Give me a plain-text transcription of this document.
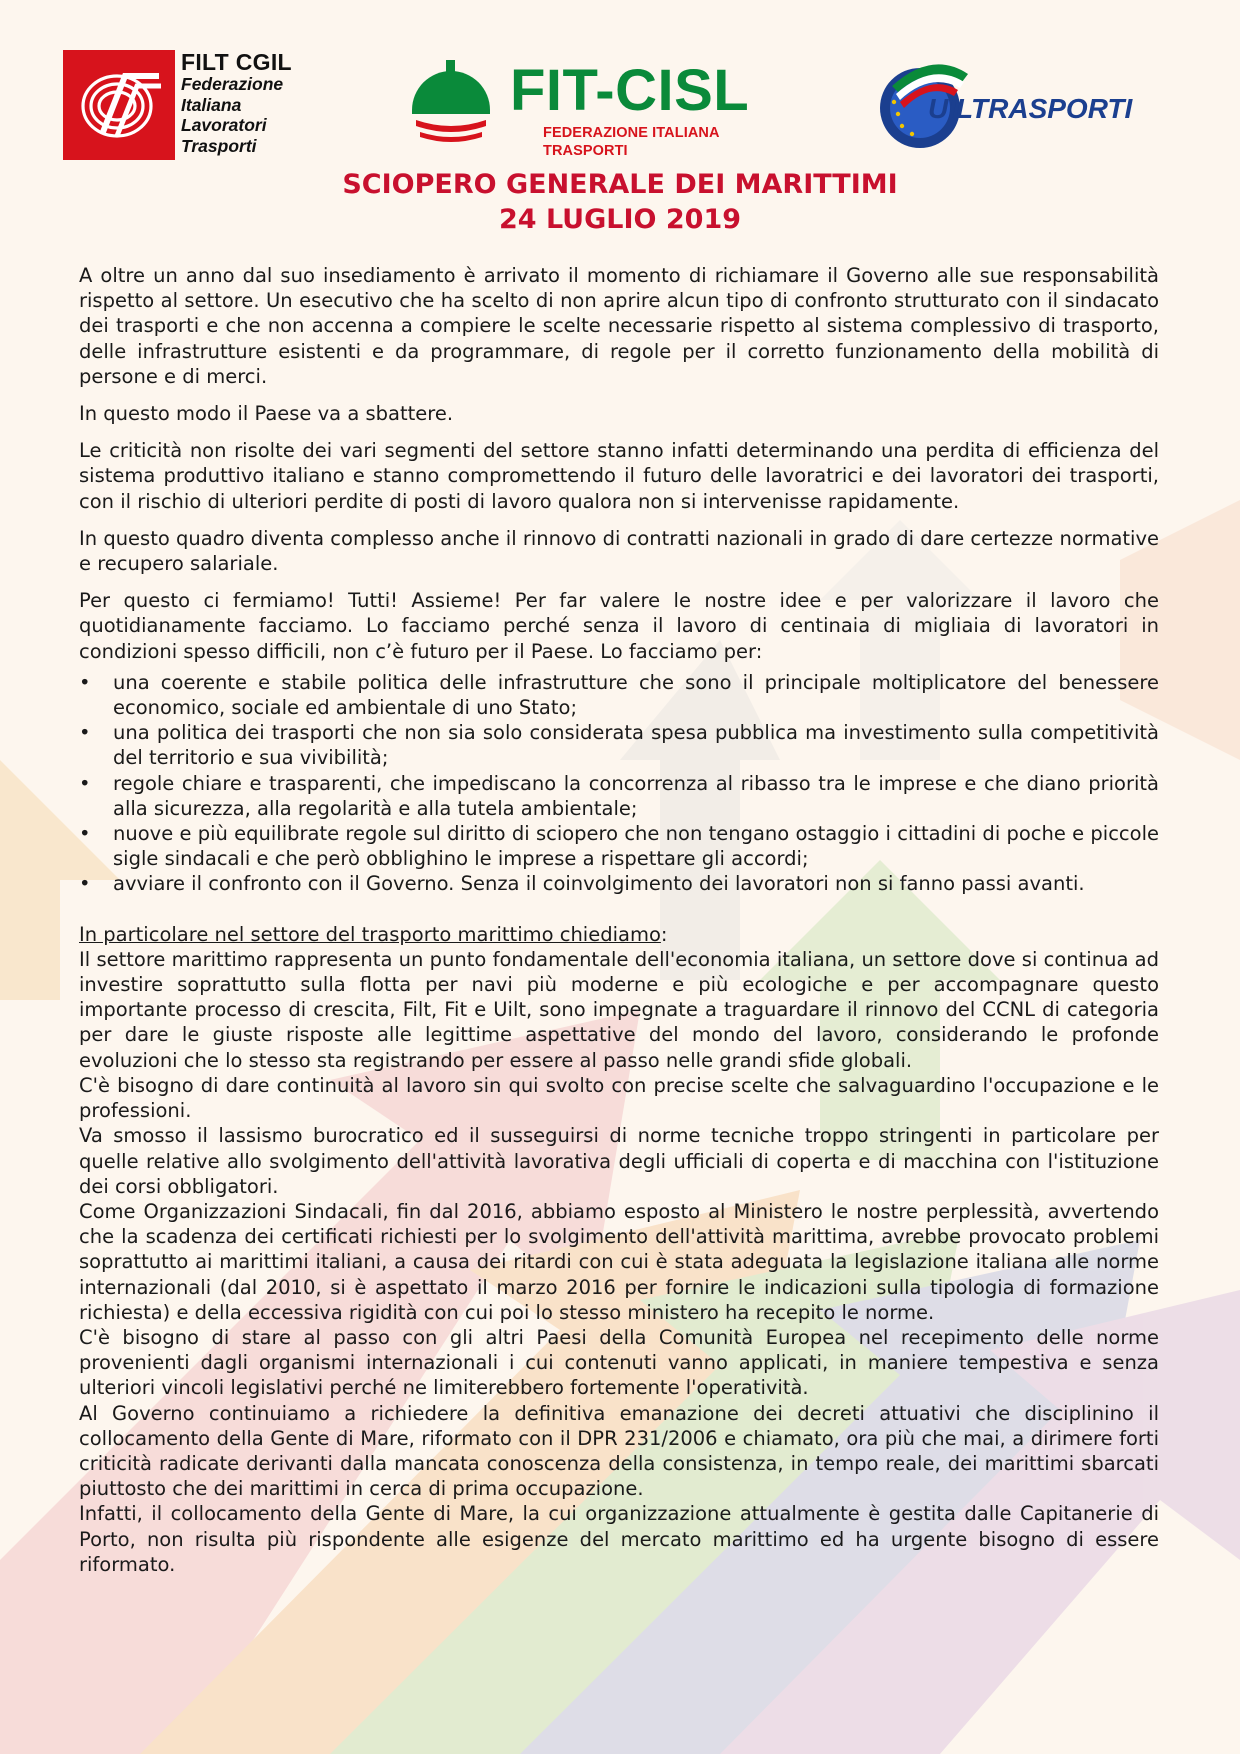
FILT CGIL
Federazione
Italiana
Lavoratori
Trasporti
FIT-CISL
FEDERAZIONE ITALIANA TRASPORTI
UILTRASPORTI
SCIOPERO GENERALE DEI MARITTIMI
24 LUGLIO 2019

A oltre un anno dal suo insediamento è arrivato il momento di richiamare il Governo alle sue responsabilità rispetto al settore. Un esecutivo che ha scelto di non aprire alcun tipo di confronto strutturato con il sindacato dei trasporti e che non accenna a compiere le scelte necessarie rispetto al sistema complessivo di trasporto, delle infrastrutture esistenti e da programmare, di regole per il corretto funzionamento della mobilità di persone e di merci.

In questo modo il Paese va a sbattere.

Le criticità non risolte dei vari segmenti del settore stanno infatti determinando una perdita di efficienza del sistema produttivo italiano e stanno compromettendo il futuro delle lavoratrici e dei lavoratori dei trasporti, con il rischio di ulteriori perdite di posti di lavoro qualora non si intervenisse rapidamente.

In questo quadro diventa complesso anche il rinnovo di contratti nazionali in grado di dare certezze normative e recupero salariale.

Per questo ci fermiamo! Tutti! Assieme! Per far valere le nostre idee e per valorizzare il lavoro che quotidianamente facciamo. Lo facciamo perché senza il lavoro di centinaia di migliaia di lavoratori in condizioni spesso difficili, non c’è futuro per il Paese. Lo facciamo per:

• una coerente e stabile politica delle infrastrutture che sono il principale moltiplicatore del benessere economico, sociale ed ambientale di uno Stato;
• una politica dei trasporti che non sia solo considerata spesa pubblica ma investimento sulla competitività del territorio e sua vivibilità;
• regole chiare e trasparenti, che impediscano la concorrenza al ribasso tra le imprese e che diano priorità alla sicurezza, alla regolarità e alla tutela ambientale;
• nuove e più equilibrate regole sul diritto di sciopero che non tengano ostaggio i cittadini di poche e piccole sigle sindacali e che però obblighino le imprese a rispettare gli accordi;
• avviare il confronto con il Governo. Senza il coinvolgimento dei lavoratori non si fanno passi avanti.

In particolare nel settore del trasporto marittimo chiediamo:

Il settore marittimo rappresenta un punto fondamentale dell'economia italiana, un settore dove si continua ad investire soprattutto sulla flotta per navi più moderne e più ecologiche e per accompagnare questo importante processo di crescita, Filt, Fit e Uilt, sono impegnate a traguardare il rinnovo del CCNL di categoria per dare le giuste risposte alle legittime aspettative del mondo del lavoro, considerando le profonde evoluzioni che lo stesso sta registrando per essere al passo nelle grandi sfide globali.

C'è bisogno di dare continuità al lavoro sin qui svolto con precise scelte che salvaguardino l'occupazione e le professioni.

Va smosso il lassismo burocratico ed il susseguirsi di norme tecniche troppo stringenti in particolare per quelle relative allo svolgimento dell'attività lavorativa degli ufficiali di coperta e di macchina con l'istituzione dei corsi obbligatori.

Come Organizzazioni Sindacali, fin dal 2016, abbiamo esposto al Ministero le nostre perplessità, avvertendo che la scadenza dei certificati richiesti per lo svolgimento dell'attività marittima, avrebbe provocato problemi soprattutto ai marittimi italiani, a causa dei ritardi con cui è stata adeguata la legislazione italiana alle norme internazionali (dal 2010, si è aspettato il marzo 2016 per fornire le indicazioni sulla tipologia di formazione richiesta) e della eccessiva rigidità con cui poi lo stesso ministero ha recepito le norme.

C'è bisogno di stare al passo con gli altri Paesi della Comunità Europea nel recepimento delle norme provenienti dagli organismi internazionali i cui contenuti vanno applicati, in maniere tempestiva e senza ulteriori vincoli legislativi perché ne limiterebbero fortemente l'operatività.

Al Governo continuiamo a richiedere la definitiva emanazione dei decreti attuativi che disciplinino il collocamento della Gente di Mare, riformato con il DPR 231/2006 e chiamato, ora più che mai, a dirimere forti criticità radicate derivanti dalla mancata conoscenza della consistenza, in tempo reale, dei marittimi sbarcati piuttosto che dei marittimi in cerca di prima occupazione.

Infatti, il collocamento della Gente di Mare, la cui organizzazione attualmente è gestita dalle Capitanerie di Porto, non risulta più rispondente alle esigenze del mercato marittimo ed ha urgente bisogno di essere riformato.
